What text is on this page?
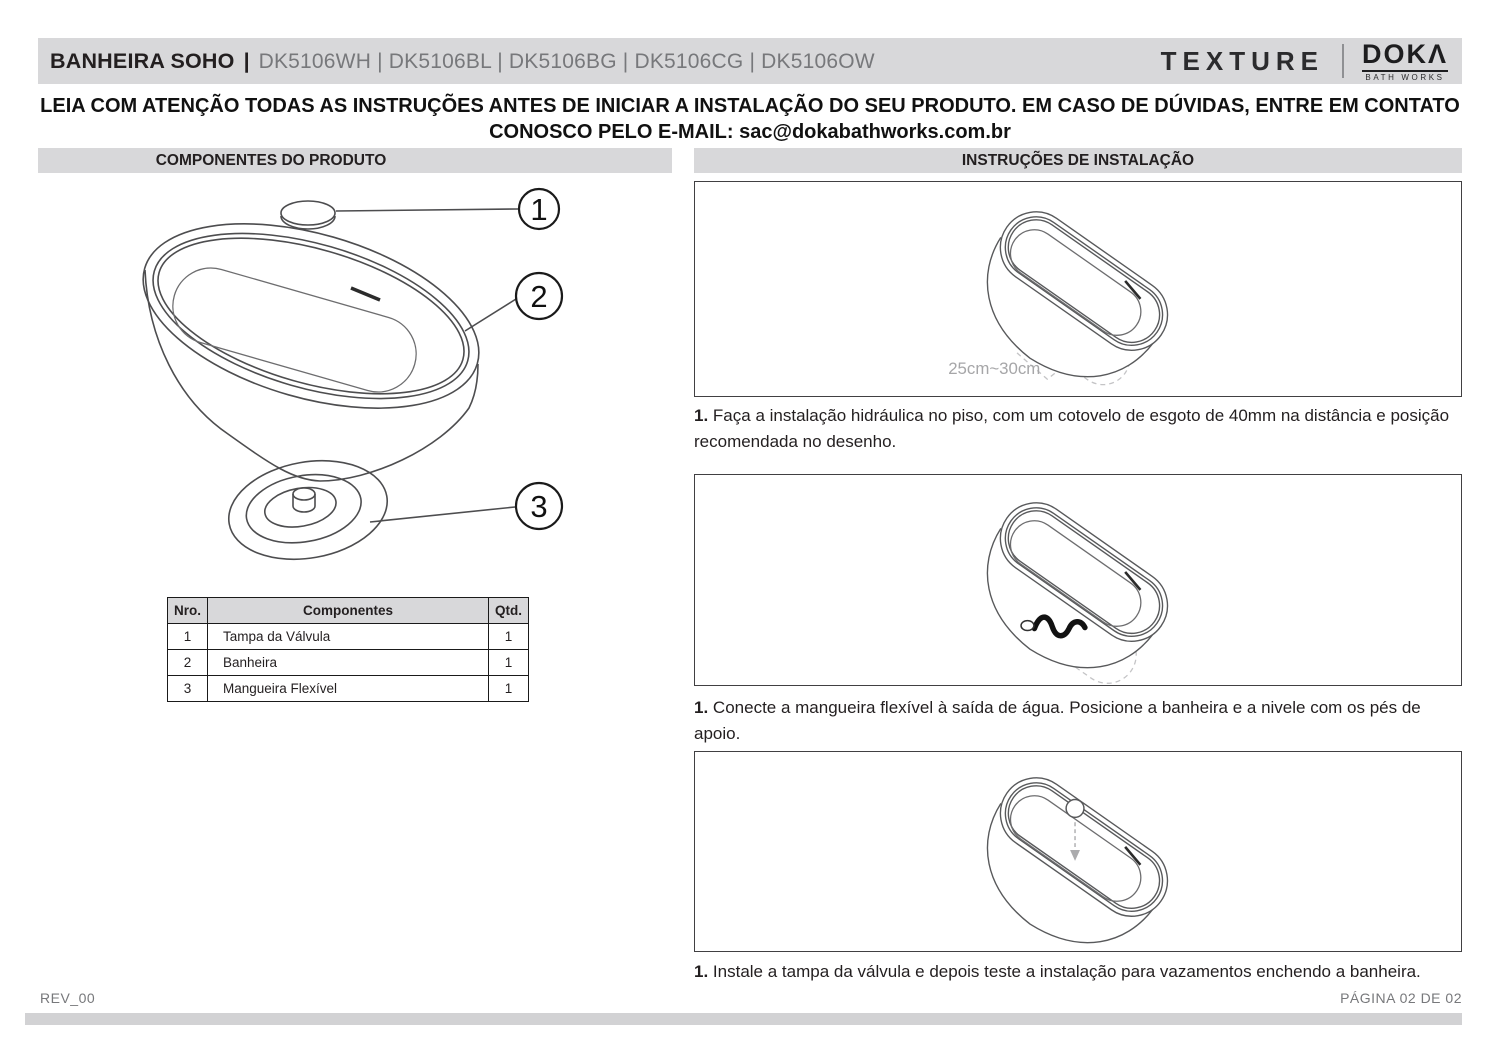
BANHEIRA SOHO | DK5106WH | DK5106BL | DK5106BG | DK5106CG | DK5106OW	TEXTURE DOKΛ
BATH WORKS
LEIA COM ATENÇÃO TODAS AS INSTRUÇÕES ANTES DE INICIAR A INSTALAÇÃO DO SEU PRODUTO. EM CASO DE DÚVIDAS, ENTRE EM CONTATO
CONOSCO PELO E-MAIL: sac@dokabathworks.com.br
COMPONENTES DO PRODUTO	INSTRUÇÕES DE INSTALAÇÃO
1
2
3
Nro.	Componentes	Qtd.
1	Tampa da Válvula	1
2	Banheira	1
3	Mangueira Flexível	1
25cm~30cm
1. Faça a instalação hidráulica no piso, com um cotovelo de esgoto de 40mm na distância e posição recomendada no desenho.
1. Conecte a mangueira flexível à saída de água. Posicione a banheira e a nivele com os pés de apoio.
1. Instale a tampa da válvula e depois teste a instalação para vazamentos enchendo a banheira.
REV_00	PÁGINA 02 DE 02
